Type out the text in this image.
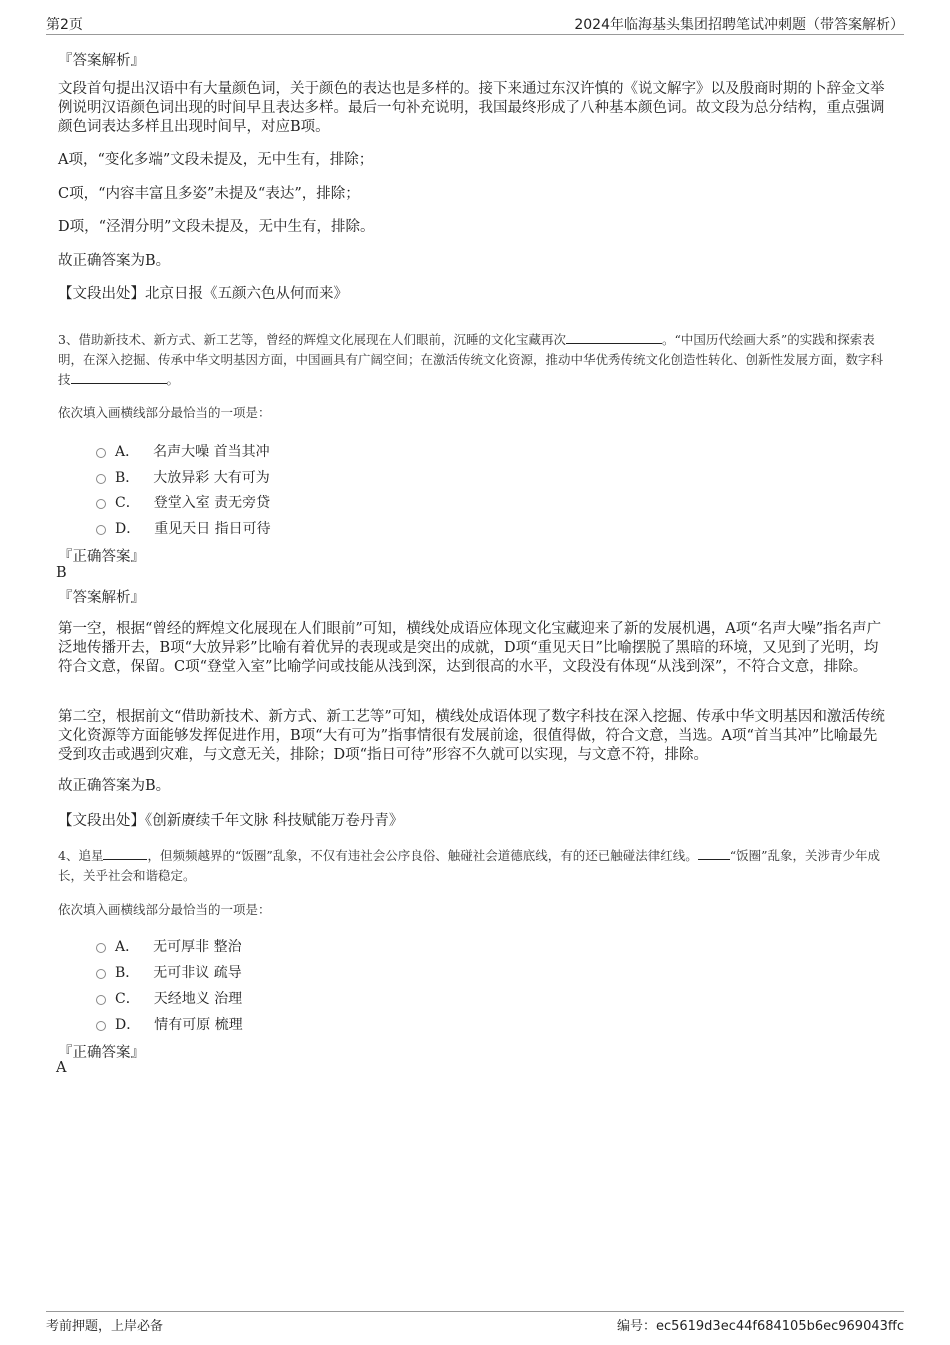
第2页	2024年临海基头集团招聘笔试冲刺题（带答案解析）
『答案解析』
文段首句提出汉语中有大量颜色词，关于颜色的表达也是多样的。接下来通过东汉许慎的《说文解字》以及殷商时期的卜辞金文举例说明汉语颜色词出现的时间早且表达多样。最后一句补充说明，我国最终形成了八种基本颜色词。故文段为总分结构，重点强调颜色词表达多样且出现时间早，对应B项。
A项，“变化多端”文段未提及，无中生有，排除；
C项，“内容丰富且多姿”未提及“表达”，排除；
D项，“泾渭分明”文段未提及，无中生有，排除。
故正确答案为B。
【文段出处】北京日报《五颜六色从何而来》
3、借助新技术、新方式、新工艺等，曾经的辉煌文化展现在人们眼前，沉睡的文化宝藏再次	。“中国历代绘画大系”的实践和探索表明，在深入挖掘、传承中华文明基因方面，中国画具有广阔空间；在激活传统文化资源，推动中华优秀传统文化创造性转化、创新性发展方面，数字科技	。
依次填入画横线部分最恰当的一项是：
A． 名声大噪 首当其冲
B． 大放异彩 大有可为
C． 登堂入室 责无旁贷
D． 重见天日 指日可待
『正确答案』
B
『答案解析』
第一空，根据“曾经的辉煌文化展现在人们眼前”可知，横线处成语应体现文化宝藏迎来了新的发展机遇，A项“名声大噪”指名声广泛地传播开去，B项“大放异彩”比喻有着优异的表现或是突出的成就，D项“重见天日”比喻摆脱了黑暗的环境，又见到了光明，均符合文意，保留。C项“登堂入室”比喻学问或技能从浅到深，达到很高的水平，文段没有体现“从浅到深”，不符合文意，排除。
第二空，根据前文“借助新技术、新方式、新工艺等”可知，横线处成语体现了数字科技在深入挖掘、传承中华文明基因和激活传统文化资源等方面能够发挥促进作用，B项“大有可为”指事情很有发展前途，很值得做，符合文意，当选。A项“首当其冲”比喻最先受到攻击或遇到灾难，与文意无关，排除；D项“指日可待”形容不久就可以实现，与文意不符，排除。
故正确答案为B。
【文段出处】《创新赓续千年文脉 科技赋能万卷丹青》
4、追星	，但频频越界的“饭圈”乱象，不仅有违社会公序良俗、触碰社会道德底线，有的还已触碰法律红线。	“饭圈”乱象，关涉青少年成长，关乎社会和谐稳定。
依次填入画横线部分最恰当的一项是：
A． 无可厚非 整治
B． 无可非议 疏导
C． 天经地义 治理
D． 情有可原 梳理
『正确答案』
A
考前押题，上岸必备	编号：ec5619d3ec44f684105b6ec969043ffc
